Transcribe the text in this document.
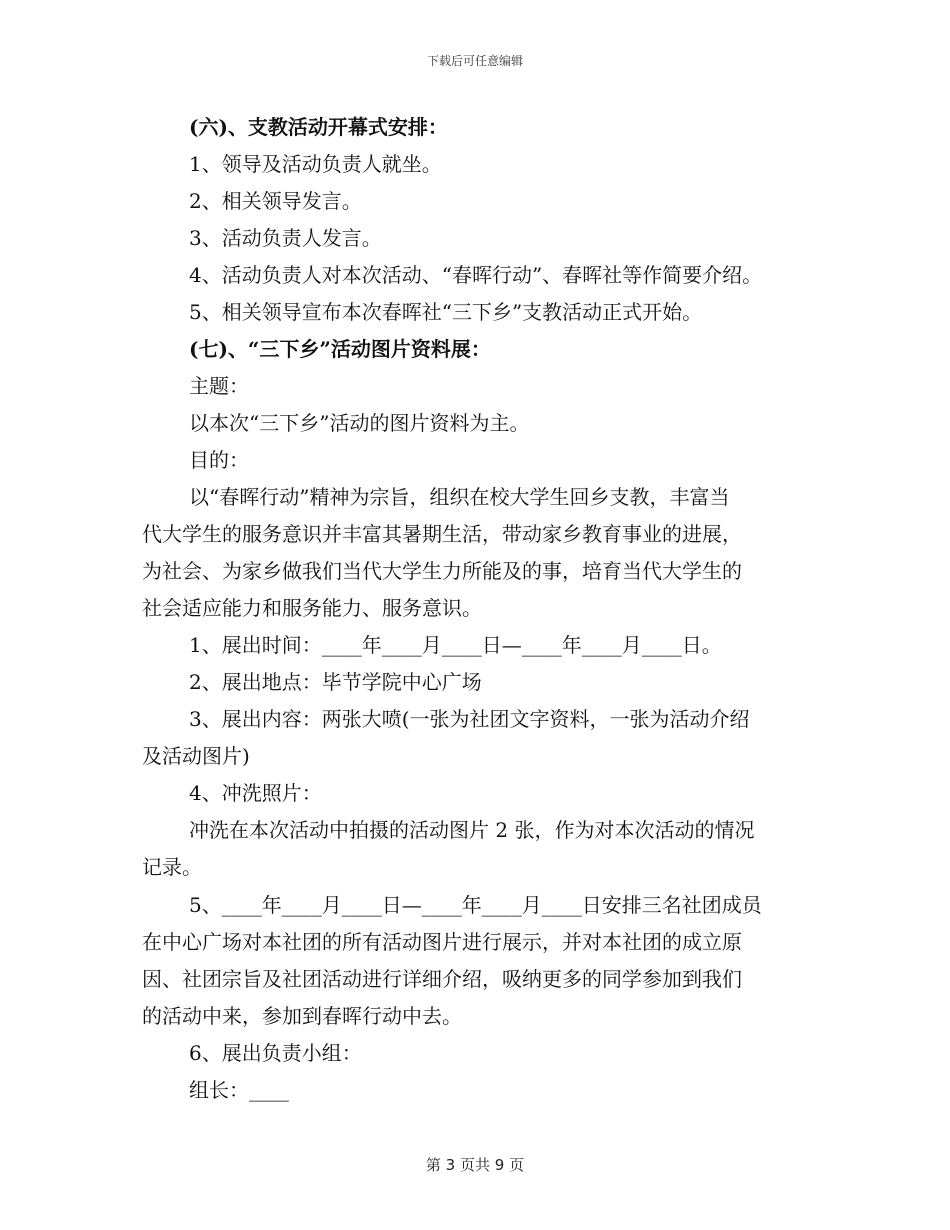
下载后可任意编辑
(六)、支教活动开幕式安排：
1、领导及活动负责人就坐。
2、相关领导发言。
3、活动负责人发言。
4、活动负责人对本次活动、“春晖行动”、春晖社等作简要介绍。
5、相关领导宣布本次春晖社“三下乡”支教活动正式开始。
(七)、“三下乡”活动图片资料展：
主题：
以本次“三下乡”活动的图片资料为主。
目的：
以“春晖行动”精神为宗旨，组织在校大学生回乡支教，丰富当
代大学生的服务意识并丰富其暑期生活，带动家乡教育事业的进展，
为社会、为家乡做我们当代大学生力所能及的事，培育当代大学生的
社会适应能力和服务能力、服务意识。
1、展出时间：____年____月____日—____年____月____日。
2、展出地点：毕节学院中心广场
3、展出内容：两张大喷(一张为社团文字资料，一张为活动介绍
及活动图片)
4、冲洗照片：
冲洗在本次活动中拍摄的活动图片 2 张，作为对本次活动的情况
记录。
5、____年____月____日—____年____月____日安排三名社团成员
在中心广场对本社团的所有活动图片进行展示，并对本社团的成立原
因、社团宗旨及社团活动进行详细介绍，吸纳更多的同学参加到我们
的活动中来，参加到春晖行动中去。
6、展出负责小组：
组长：____
第 3 页共 9 页
